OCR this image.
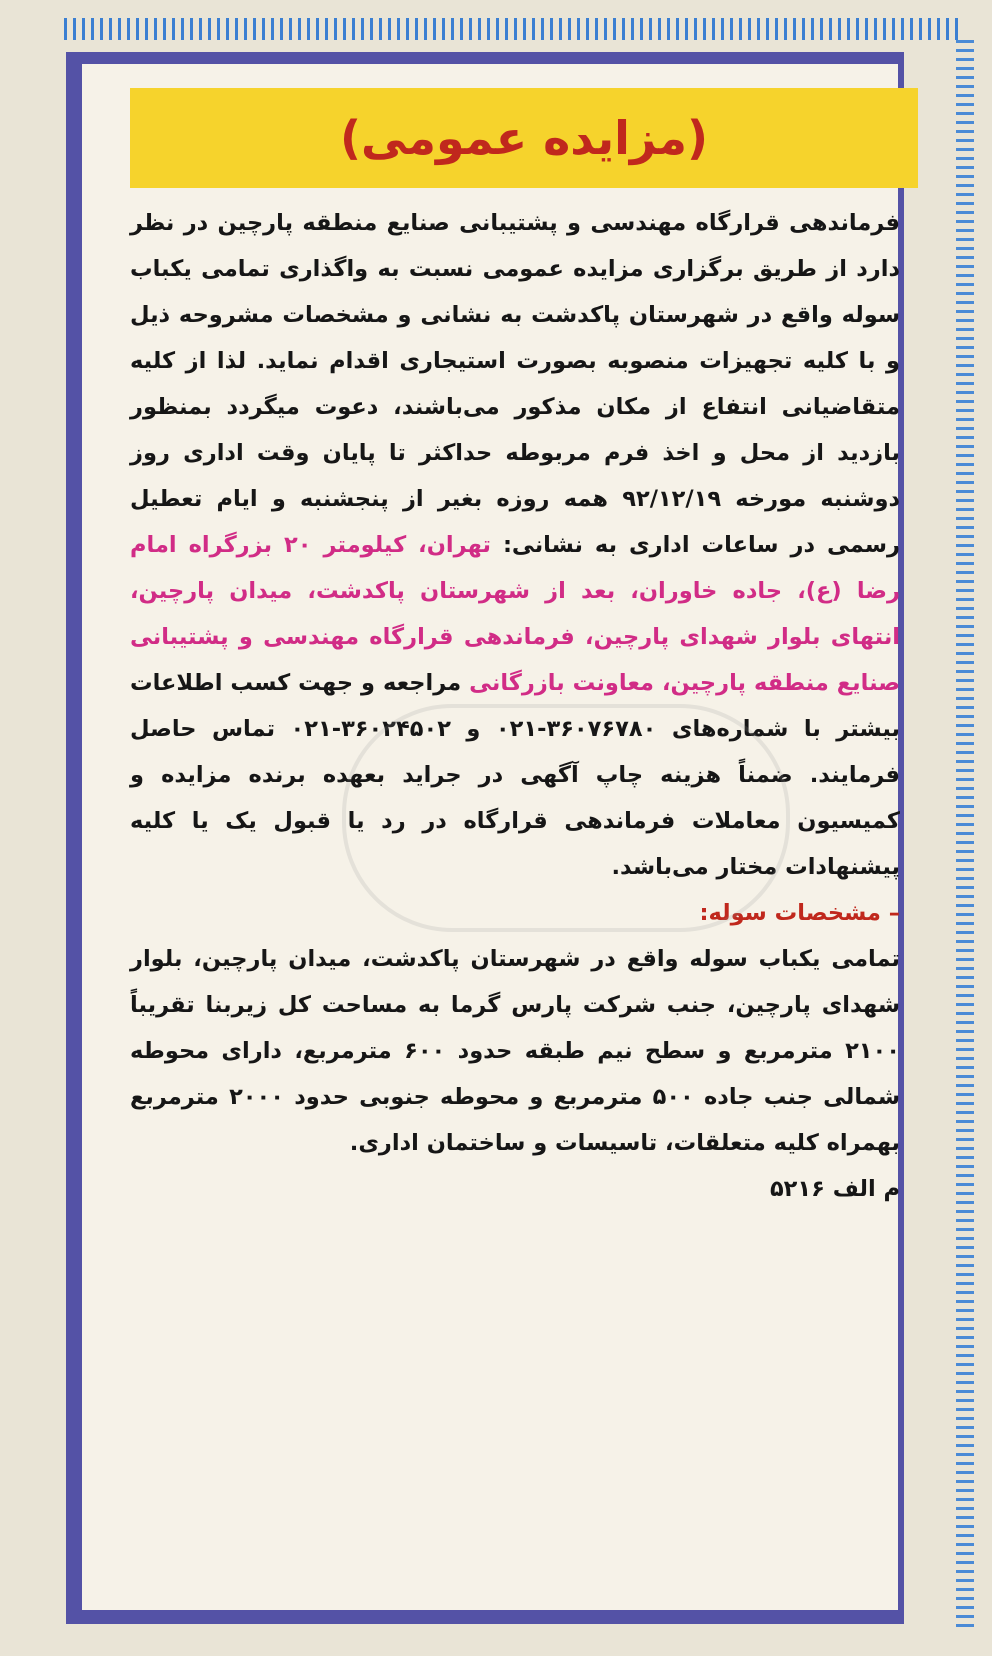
(مزایده عمومی)

فرماندهی قرارگاه مهندسی و پشتیبانی صنایع منطقه پارچین در نظر دارد از طریق برگزاری مزایده عمومی نسبت به واگذاری تمامی یکباب سوله واقع در شهرستان پاکدشت به نشانی و مشخصات مشروحه ذیل و با کلیه تجهیزات منصوبه بصورت استیجاری اقدام نماید. لذا از کلیه متقاضیانی انتفاع از مکان مذکور می‌باشند، دعوت میگردد بمنظور بازدید از محل و اخذ فرم مربوطه حداکثر تا پایان وقت اداری روز دوشنبه مورخه ۹۲/۱۲/۱۹ همه روزه بغیر از پنجشنبه و ایام تعطیل رسمی در ساعات اداری به نشانی: تهران، کیلومتر ۲۰ بزرگراه امام رضا (ع)، جاده خاوران، بعد از شهرستان پاکدشت، میدان پارچین، انتهای بلوار شهدای پارچین، فرماندهی قرارگاه مهندسی و پشتیبانی صنایع منطقه پارچین، معاونت بازرگانی مراجعه و جهت کسب اطلاعات بیشتر با شماره‌های ۳۶۰۷۶۷۸۰-۰۲۱ و ۳۶۰۲۴۵۰۲-۰۲۱ تماس حاصل فرمایند. ضمناً هزینه چاپ آگهی در جراید بعهده برنده مزایده و کمیسیون معاملات فرماندهی قرارگاه در رد یا قبول یک یا کلیه پیشنهادات مختار می‌باشد.

– مشخصات سوله:

تمامی یکباب سوله واقع در شهرستان پاکدشت، میدان پارچین، بلوار شهدای پارچین، جنب شرکت پارس گرما به مساحت کل زیربنا تقریباً ۲۱۰۰ مترمربع و سطح نیم طبقه حدود ۶۰۰ مترمربع، دارای محوطه شمالی جنب جاده ۵۰۰ مترمربع و محوطه جنوبی حدود ۲۰۰۰ مترمربع بهمراه کلیه متعلقات، تاسیسات و ساختمان اداری.

م الف ۵۲۱۶
